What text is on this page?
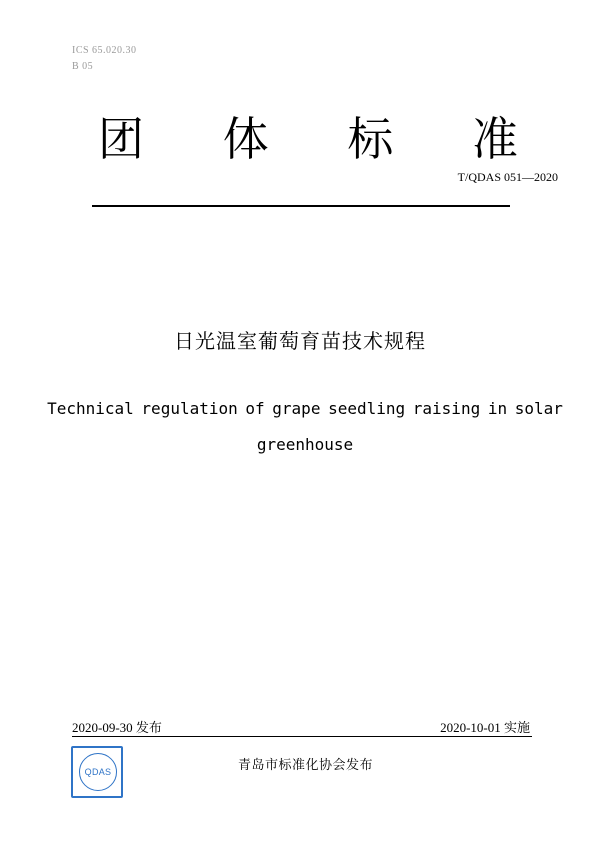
ICS 65.020.30
B 05
团 体 标 准
T/QDAS 051—2020
日光温室葡萄育苗技术规程
Technical regulation of grape seedling raising in solar greenhouse
2020-09-30 发布	2020-10-01 实施
QDAS	青岛市标准化协会发布
